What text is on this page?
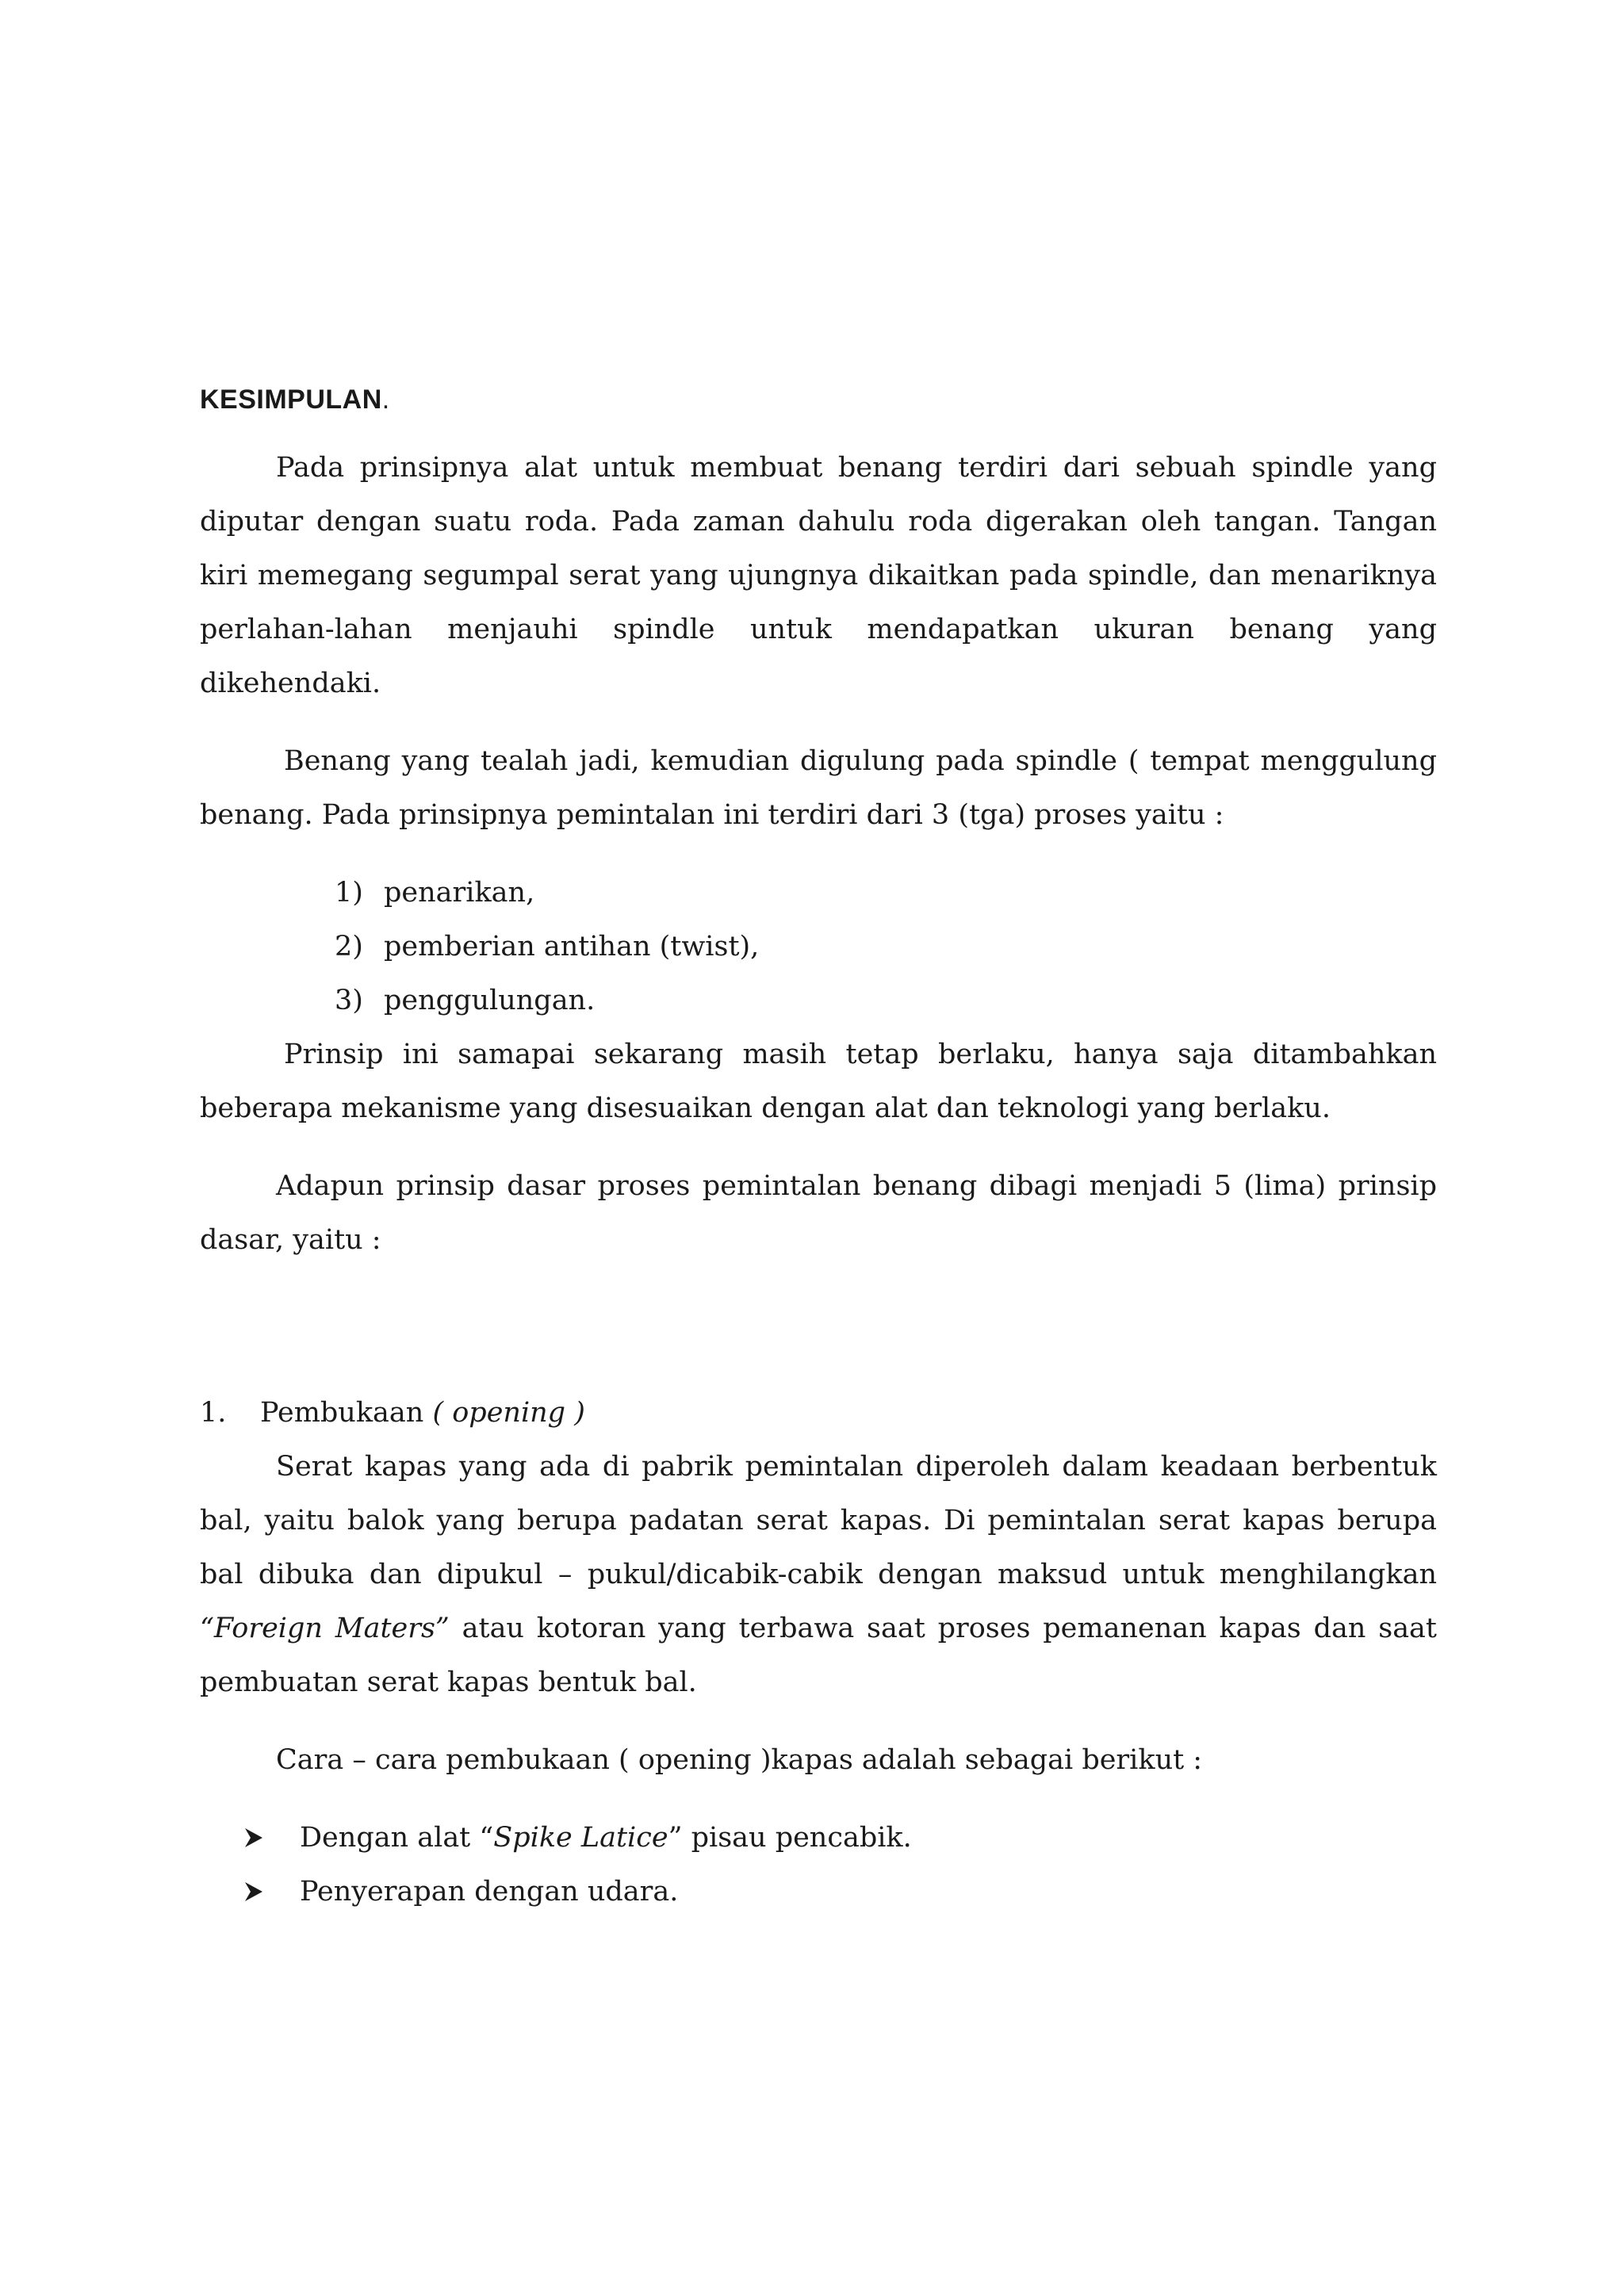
KESIMPULAN.

Pada prinsipnya alat untuk membuat benang terdiri dari sebuah spindle yang diputar dengan suatu roda. Pada zaman dahulu roda digerakan oleh tangan. Tangan kiri memegang segumpal serat yang ujungnya dikaitkan pada spindle, dan menariknya perlahan-lahan menjauhi spindle untuk mendapatkan ukuran benang yang dikehendaki.

Benang yang tealah jadi, kemudian digulung pada spindle ( tempat menggulung benang. Pada prinsipnya pemintalan ini terdiri dari 3 (tga) proses yaitu :

1) penarikan,
2) pemberian antihan (twist),
3) penggulungan.

Prinsip ini samapai sekarang masih tetap berlaku, hanya saja ditambahkan beberapa mekanisme yang disesuaikan dengan alat dan teknologi yang berlaku.

Adapun prinsip dasar proses pemintalan benang dibagi menjadi 5 (lima) prinsip dasar, yaitu :

1.	Pembukaan ( opening )

Serat kapas yang ada di pabrik pemintalan diperoleh dalam keadaan berbentuk bal, yaitu balok yang berupa padatan serat kapas. Di pemintalan serat kapas berupa bal dibuka dan dipukul – pukul/dicabik-cabik dengan maksud untuk menghilangkan “Foreign Maters” atau kotoran yang terbawa saat proses pemanenan kapas dan saat pembuatan serat kapas bentuk bal.

Cara – cara pembukaan ( opening )kapas adalah sebagai berikut :

Dengan alat “Spike Latice” pisau pencabik.
Penyerapan dengan udara.
